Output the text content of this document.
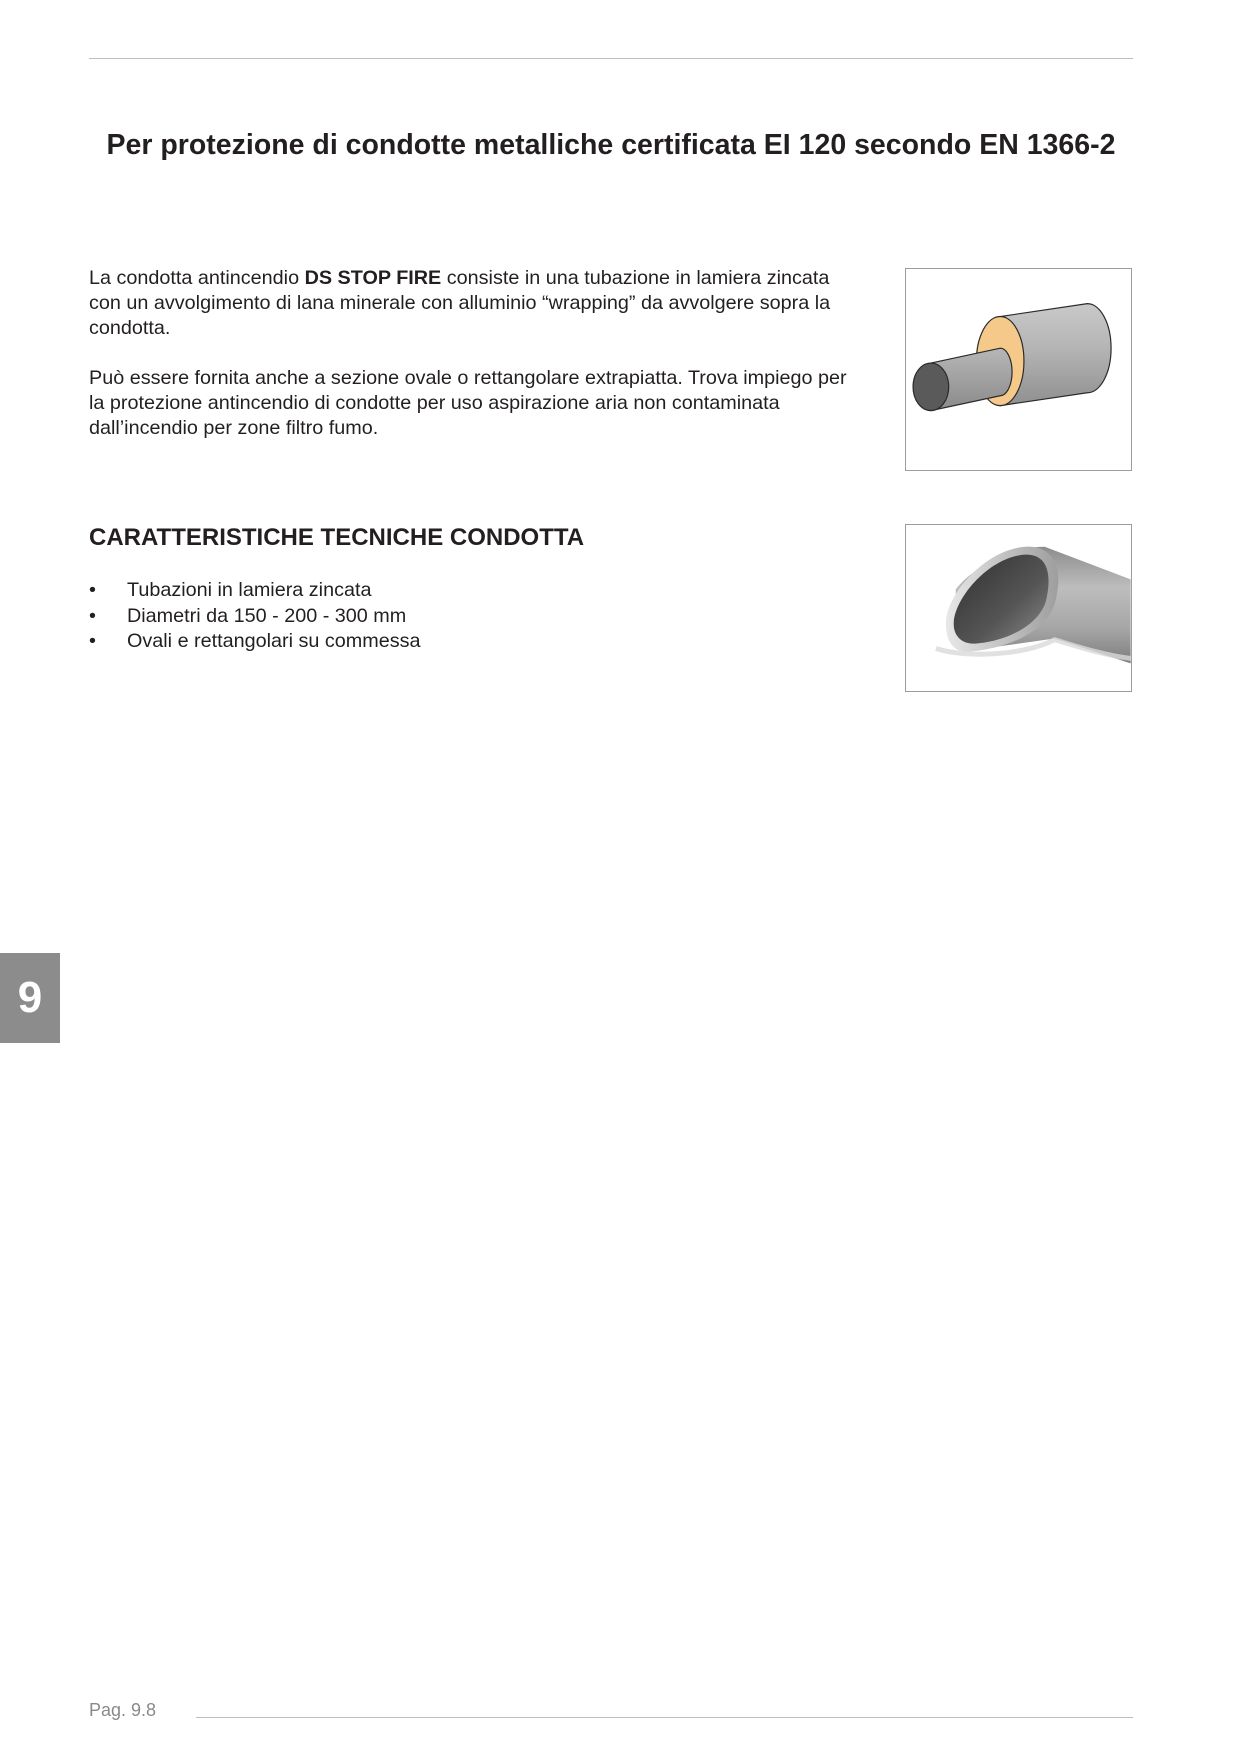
Per protezione di condotte metalliche certificata EI 120 secondo EN 1366-2

La condotta antincendio DS STOP FIRE consiste in una tubazione in lamiera zincata con un avvolgimento di lana minerale con alluminio “wrapping” da avvolgere sopra la condotta.

Può essere fornita anche a sezione ovale o rettangolare extrapiatta. Trova impiego per la protezione antincendio di condotte per uso aspirazione aria non contaminata dall’incendio per zone filtro fumo.

CARATTERISTICHE TECNICHE CONDOTTA
•	Tubazioni in lamiera zincata
•	Diametri da 150 - 200 - 300 mm
•	Ovali e rettangolari su commessa
9
Pag. 9.8
